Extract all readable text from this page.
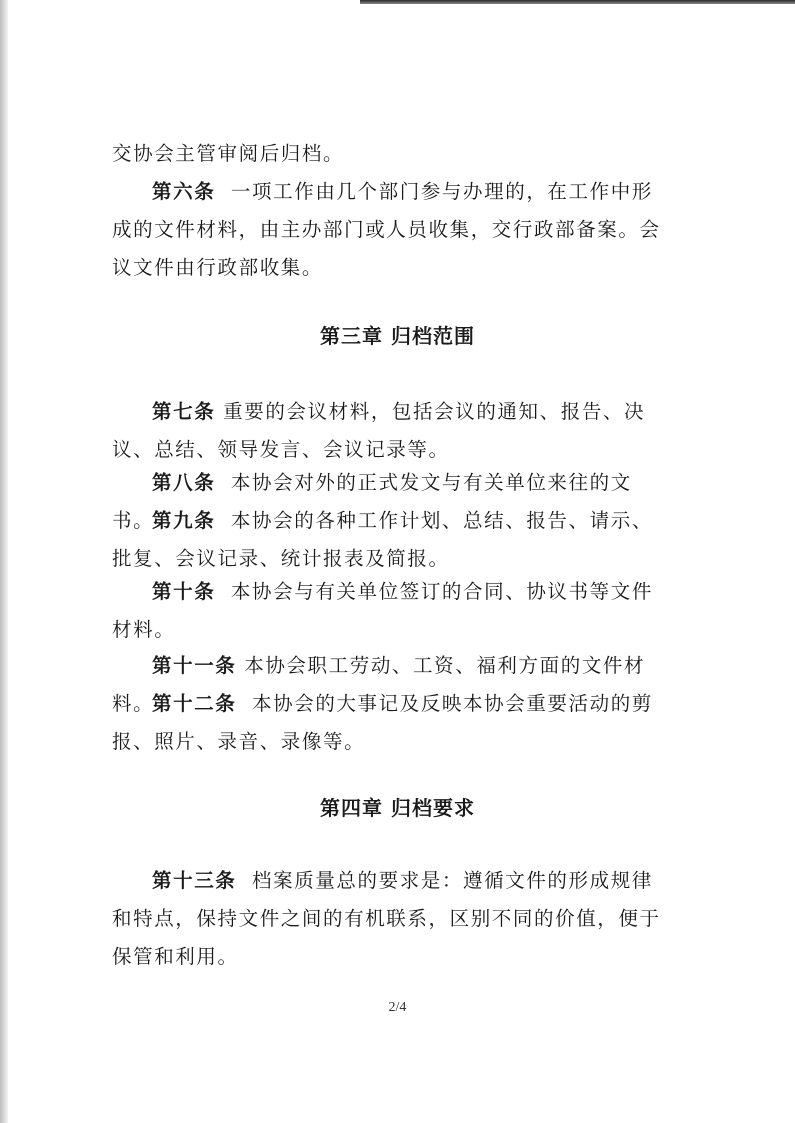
交协会主管审阅后归档。

第六条 一项工作由几个部门参与办理的，在工作中形成的文件材料，由主办部门或人员收集，交行政部备案。会议文件由行政部收集。

第三章 归档范围

第七条 重要的会议材料，包括会议的通知、报告、决议、总结、领导发言、会议记录等。

第八条 本协会对外的正式发文与有关单位来往的文书。

第九条 本协会的各种工作计划、总结、报告、请示、批复、会议记录、统计报表及简报。

第十条 本协会与有关单位签订的合同、协议书等文件材料。

第十一条 本协会职工劳动、工资、福利方面的文件材料。

第十二条 本协会的大事记及反映本协会重要活动的剪报、照片、录音、录像等。

第四章 归档要求

第十三条 档案质量总的要求是：遵循文件的形成规律和特点，保持文件之间的有机联系，区别不同的价值，便于保管和利用。

2/4
